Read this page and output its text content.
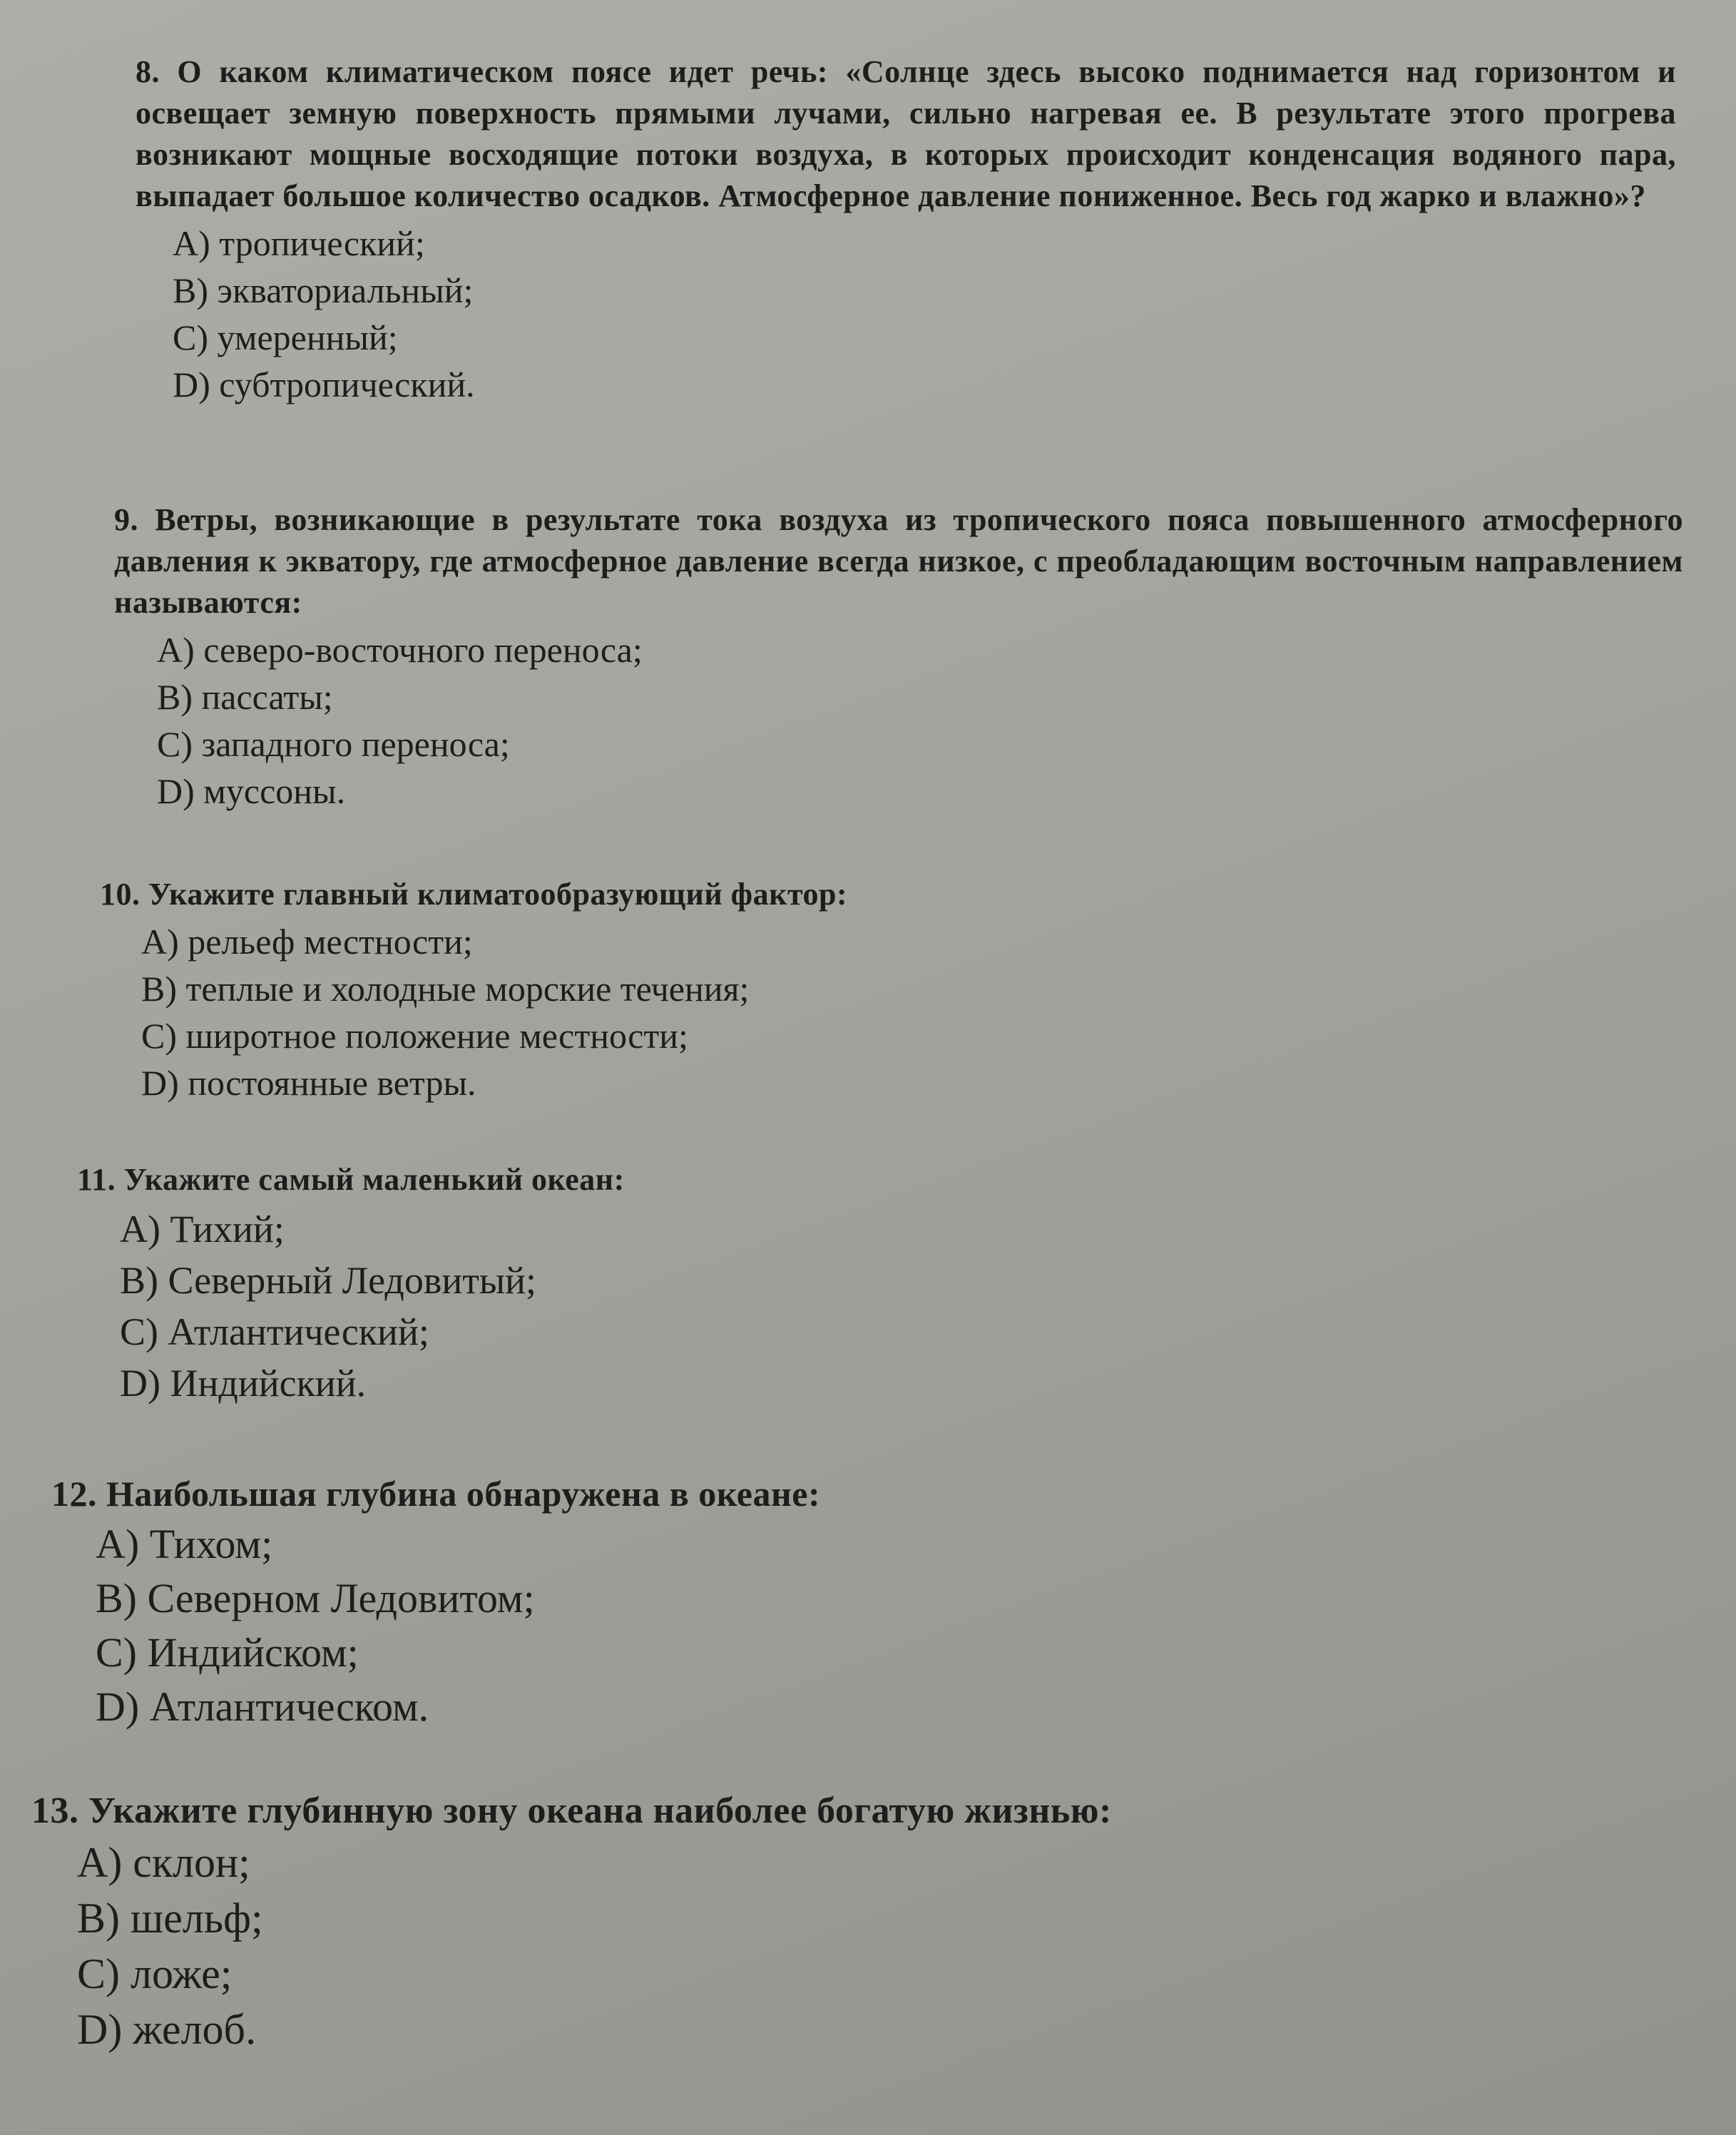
8. О каком климатическом поясе идет речь: «Солнце здесь высоко поднимается над горизонтом и освещает земную поверхность прямыми лучами, сильно нагревая ее. В результате этого прогрева возникают мощные восходящие потоки воздуха, в которых происходит конденсация водяного пара, выпадает большое количество осадков. Атмосферное давление пониженное. Весь год жарко и влажно»?
А) тропический;
В) экваториальный;
С) умеренный;
D) субтропический.
9. Ветры, возникающие в результате тока воздуха из тропического пояса повышенного атмосферного давления к экватору, где атмосферное давление всегда низкое, с преобладающим восточным направлением называются:
А) северо-восточного переноса;
В) пассаты;
С) западного переноса;
D) муссоны.
10. Укажите главный климатообразующий фактор:
А) рельеф местности;
В) теплые и холодные морские течения;
С) широтное положение местности;
D) постоянные ветры.
11. Укажите самый маленький океан:
А) Тихий;
В) Северный Ледовитый;
С) Атлантический;
D) Индийский.
12. Наибольшая глубина обнаружена в океане:
А) Тихом;
В) Северном Ледовитом;
С) Индийском;
D) Атлантическом.
13. Укажите глубинную зону океана наиболее богатую жизнью:
А) склон;
В) шельф;
С) ложе;
D) желоб.
